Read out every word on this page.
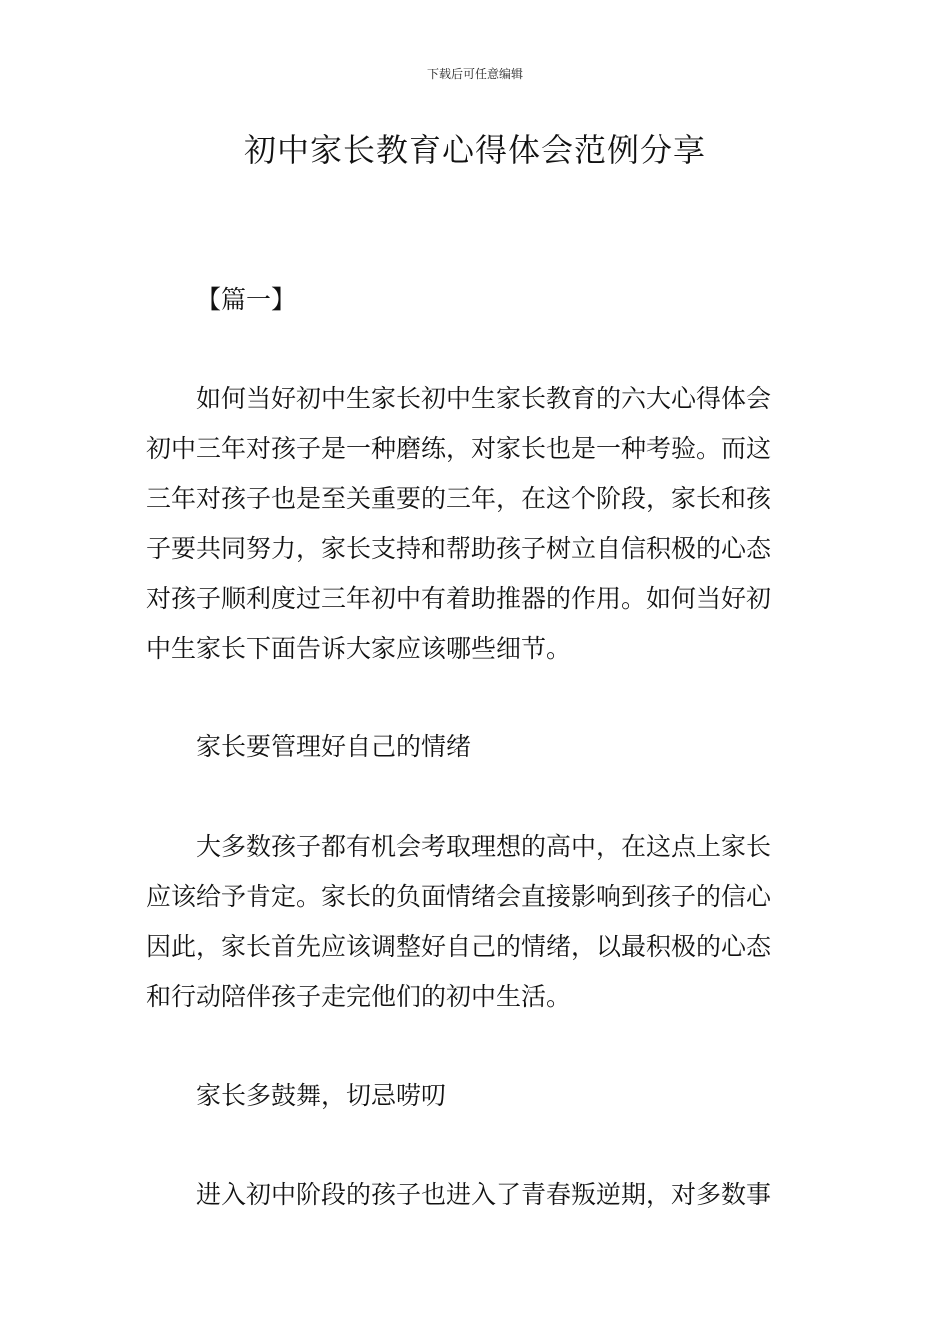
下载后可任意编辑
初中家长教育心得体会范例分享
【篇一】
如何当好初中生家长初中生家长教育的六大心得体会
初中三年对孩子是一种磨练，对家长也是一种考验。而这
三年对孩子也是至关重要的三年，在这个阶段，家长和孩
子要共同努力，家长支持和帮助孩子树立自信积极的心态
对孩子顺利度过三年初中有着助推器的作用。如何当好初
中生家长下面告诉大家应该哪些细节。
家长要管理好自己的情绪
大多数孩子都有机会考取理想的高中，在这点上家长
应该给予肯定。家长的负面情绪会直接影响到孩子的信心
因此，家长首先应该调整好自己的情绪，以最积极的心态
和行动陪伴孩子走完他们的初中生活。
家长多鼓舞，切忌唠叨
进入初中阶段的孩子也进入了青春叛逆期，对多数事
